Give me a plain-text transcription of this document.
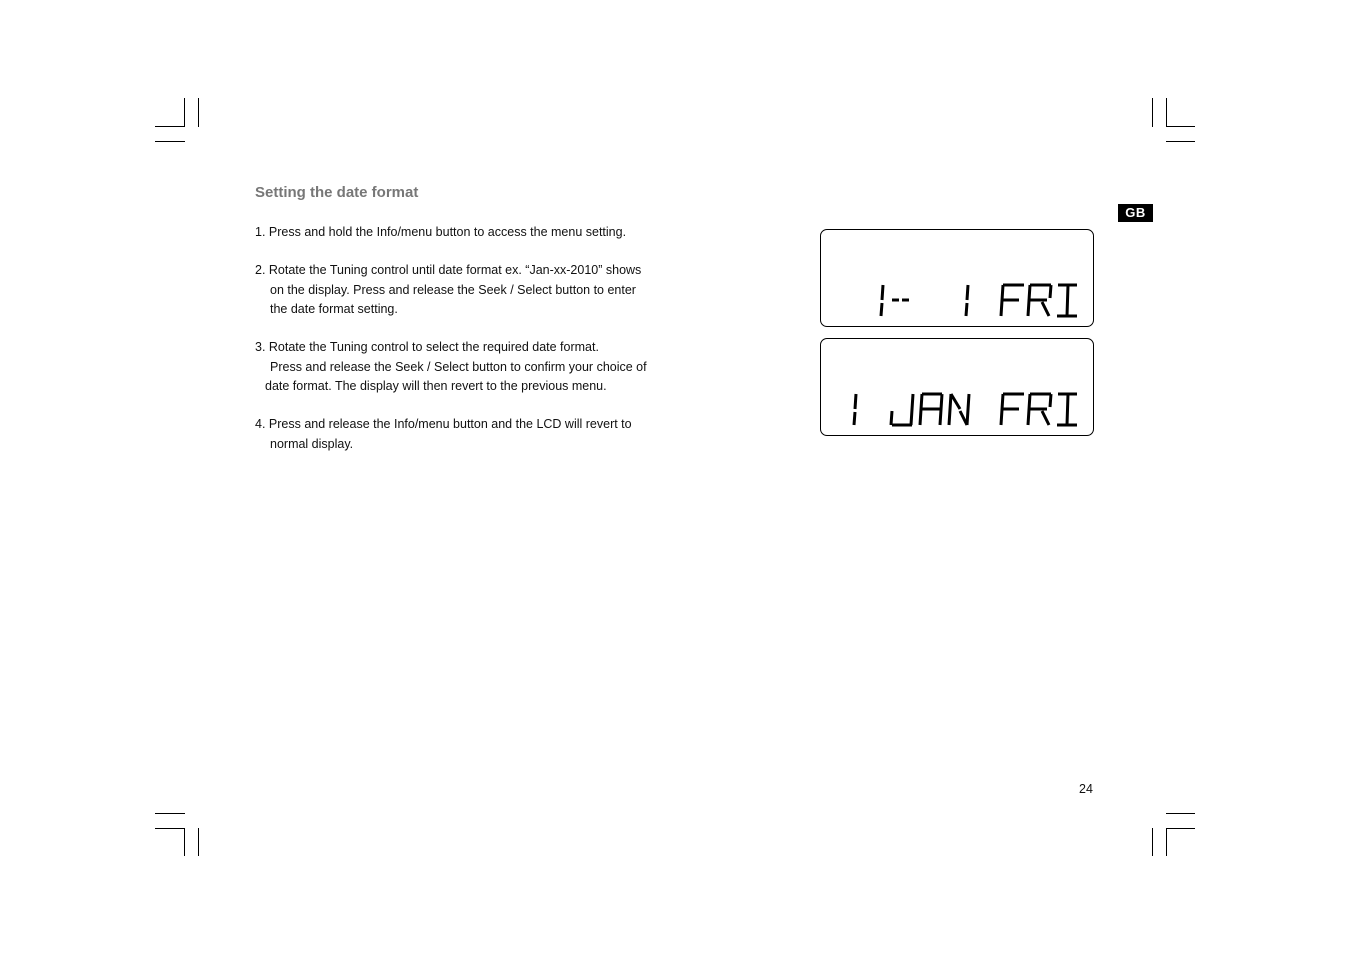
Setting the date format
GB
1. Press and hold the Info/menu button to access the menu setting.
2. Rotate the Tuning control until date format ex. “Jan-xx-2010” shows
on the display. Press and release the Seek / Select button to enter
the date format setting.
3. Rotate the Tuning control to select the required date format.
Press and release the Seek / Select button to confirm your choice of
date format. The display will then revert to the previous menu.
4. Press and release the Info/menu button and the LCD will revert to
normal display.
24
